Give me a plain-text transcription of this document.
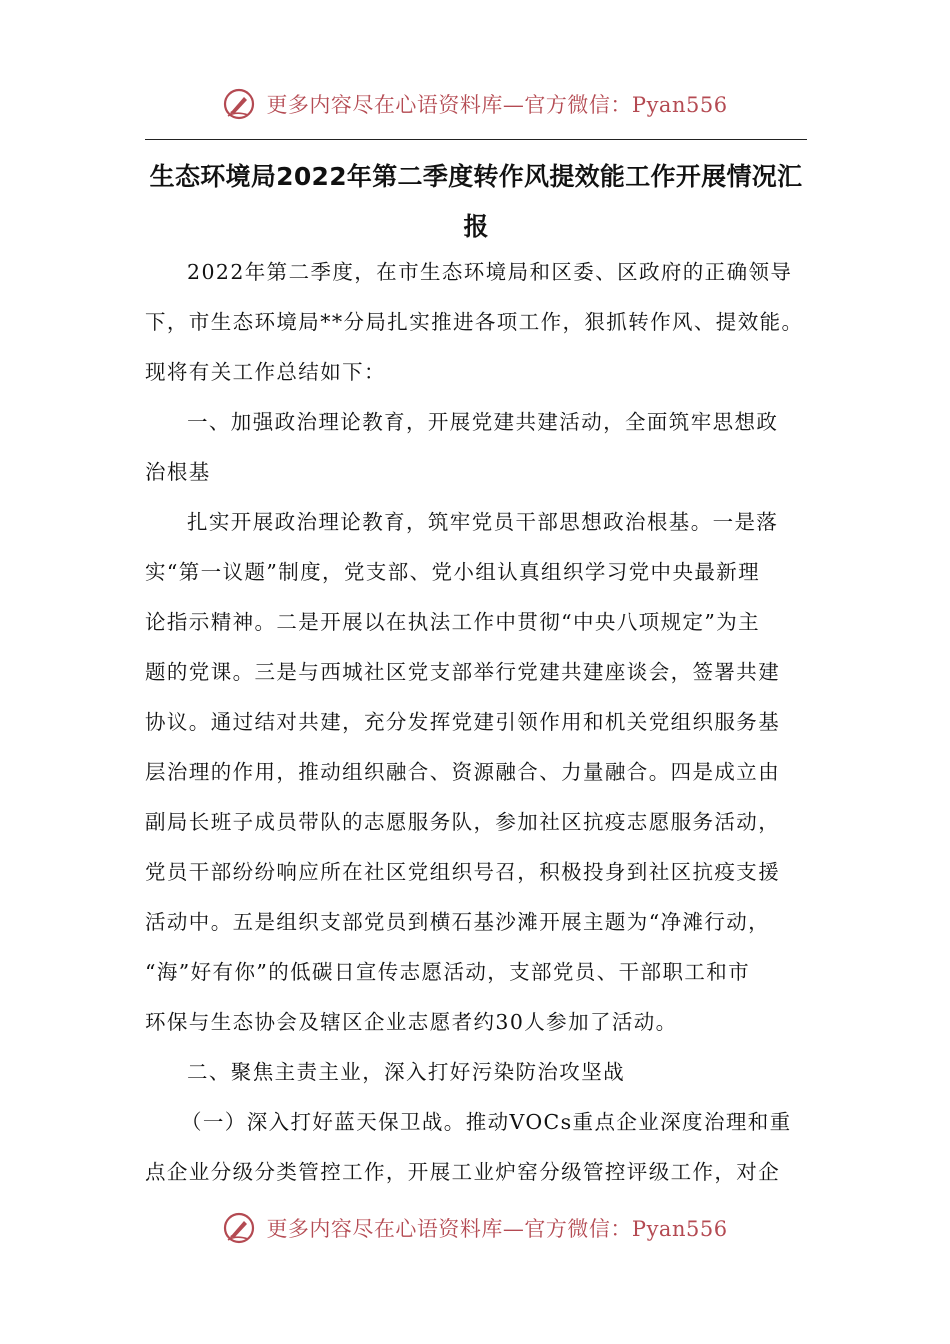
更多内容尽在心语资料库—官方微信：Pyan556
生态环境局2022年第二季度转作风提效能工作开展情况汇
报
2022年第二季度，在市生态环境局和区委、区政府的正确领导
下，市生态环境局**分局扎实推进各项工作，狠抓转作风、提效能。
现将有关工作总结如下：
一、加强政治理论教育，开展党建共建活动，全面筑牢思想政
治根基
扎实开展政治理论教育，筑牢党员干部思想政治根基。一是落
实“第一议题”制度，党支部、党小组认真组织学习党中央最新理
论指示精神。二是开展以在执法工作中贯彻“中央八项规定”为主
题的党课。三是与西城社区党支部举行党建共建座谈会，签署共建
协议。通过结对共建，充分发挥党建引领作用和机关党组织服务基
层治理的作用，推动组织融合、资源融合、力量融合。四是成立由
副局长班子成员带队的志愿服务队，参加社区抗疫志愿服务活动，
党员干部纷纷响应所在社区党组织号召，积极投身到社区抗疫支援
活动中。五是组织支部党员到横石基沙滩开展主题为“净滩行动，
“海”好有你”的低碳日宣传志愿活动，支部党员、干部职工和市
环保与生态协会及辖区企业志愿者约30人参加了活动。
二、聚焦主责主业，深入打好污染防治攻坚战
（一）深入打好蓝天保卫战。推动VOCs重点企业深度治理和重
点企业分级分类管控工作，开展工业炉窑分级管控评级工作，对企
更多内容尽在心语资料库—官方微信：Pyan556
